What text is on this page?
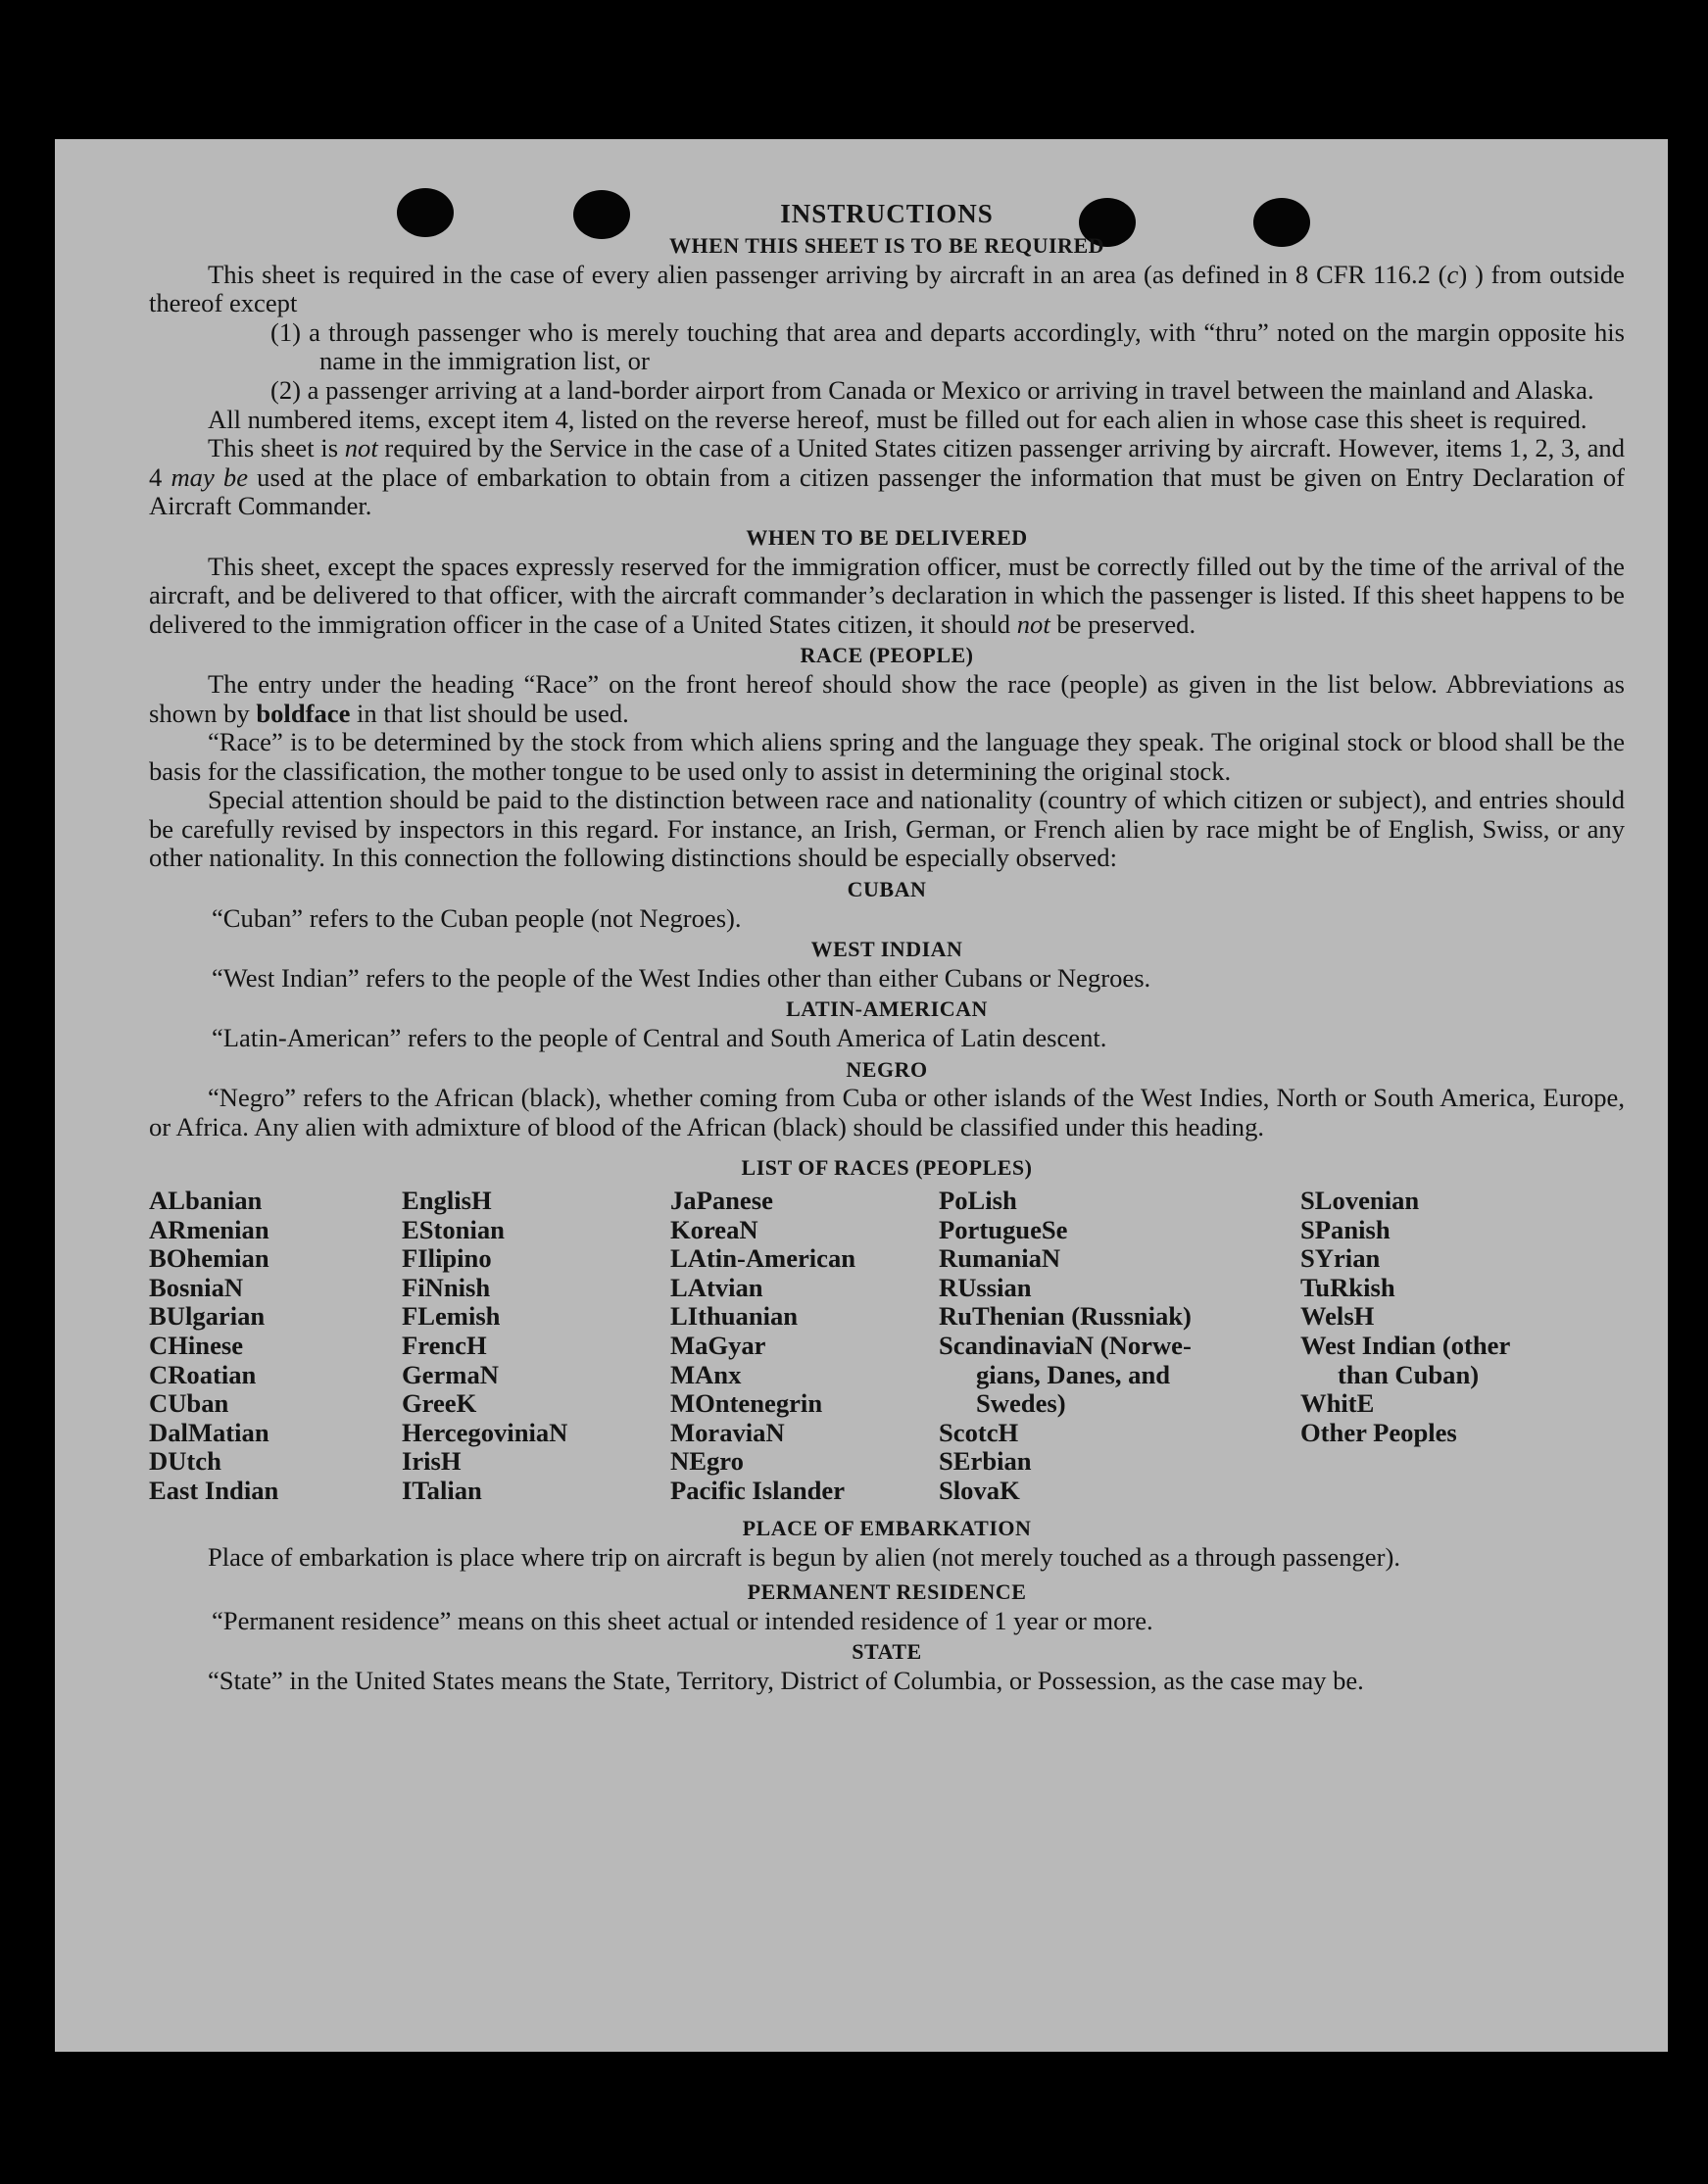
INSTRUCTIONS
WHEN THIS SHEET IS TO BE REQUIRED

This sheet is required in the case of every alien passenger arriving by aircraft in an area (as defined in 8 CFR 116.2 (c) ) from outside thereof except

(1) a through passenger who is merely touching that area and departs accordingly, with “thru” noted on the margin opposite his name in the immigration list, or

(2) a passenger arriving at a land-border airport from Canada or Mexico or arriving in travel between the mainland and Alaska.

All numbered items, except item 4, listed on the reverse hereof, must be filled out for each alien in whose case this sheet is required.

This sheet is not required by the Service in the case of a United States citizen passenger arriving by aircraft. However, items 1, 2, 3, and 4 may be used at the place of embarkation to obtain from a citizen passenger the information that must be given on Entry Declaration of Aircraft Commander.

WHEN TO BE DELIVERED

This sheet, except the spaces expressly reserved for the immigration officer, must be correctly filled out by the time of the arrival of the aircraft, and be delivered to that officer, with the aircraft commander’s declaration in which the passenger is listed. If this sheet happens to be delivered to the immigration officer in the case of a United States citizen, it should not be preserved.

RACE (PEOPLE)

The entry under the heading “Race” on the front hereof should show the race (people) as given in the list below. Abbreviations as shown by boldface in that list should be used.

“Race” is to be determined by the stock from which aliens spring and the language they speak. The original stock or blood shall be the basis for the classification, the mother tongue to be used only to assist in determining the original stock.

Special attention should be paid to the distinction between race and nationality (country of which citizen or subject), and entries should be carefully revised by inspectors in this regard. For instance, an Irish, German, or French alien by race might be of English, Swiss, or any other nationality. In this connection the following distinctions should be especially observed:

CUBAN

“Cuban” refers to the Cuban people (not Negroes).

WEST INDIAN

“West Indian” refers to the people of the West Indies other than either Cubans or Negroes.

LATIN-AMERICAN

“Latin-American” refers to the people of Central and South America of Latin descent.

NEGRO

“Negro” refers to the African (black), whether coming from Cuba or other islands of the West Indies, North or South America, Europe, or Africa. Any alien with admixture of blood of the African (black) should be classified under this heading.

LIST OF RACES (PEOPLES)
ALbanian
ARmenian
BOhemian
BosniaN
BUlgarian
CHinese
CRoatian
CUban
DalMatian
DUtch
East Indian
EnglisH
EStonian
FIlipino
FiNnish
FLemish
FrencH
GermaN
GreeK
HercegovinіaN
IrisH
ITalian
JaPanese
KoreaN
LAtin-American
LAtvian
LIthuanian
MaGyar
MAnx
MOntenegrin
MoraviaN
NEgro
Pacific Islander
PoLish
PortugueSe
RumaniaN
RUssian
RuThenian (Russniak)
ScandinaviaN (Norwe-
gians, Danes, and
Swedes)
ScotcH
SErbian
SlovaK
SLovenian
SPanish
SYrian
TuRkish
WelsH
West Indian (other
than Cuban)
WhitE
Other Peoples
PLACE OF EMBARKATION

Place of embarkation is place where trip on aircraft is begun by alien (not merely touched as a through passenger).

PERMANENT RESIDENCE

“Permanent residence” means on this sheet actual or intended residence of 1 year or more.

STATE

“State” in the United States means the State, Territory, District of Columbia, or Possession, as the case may be.
